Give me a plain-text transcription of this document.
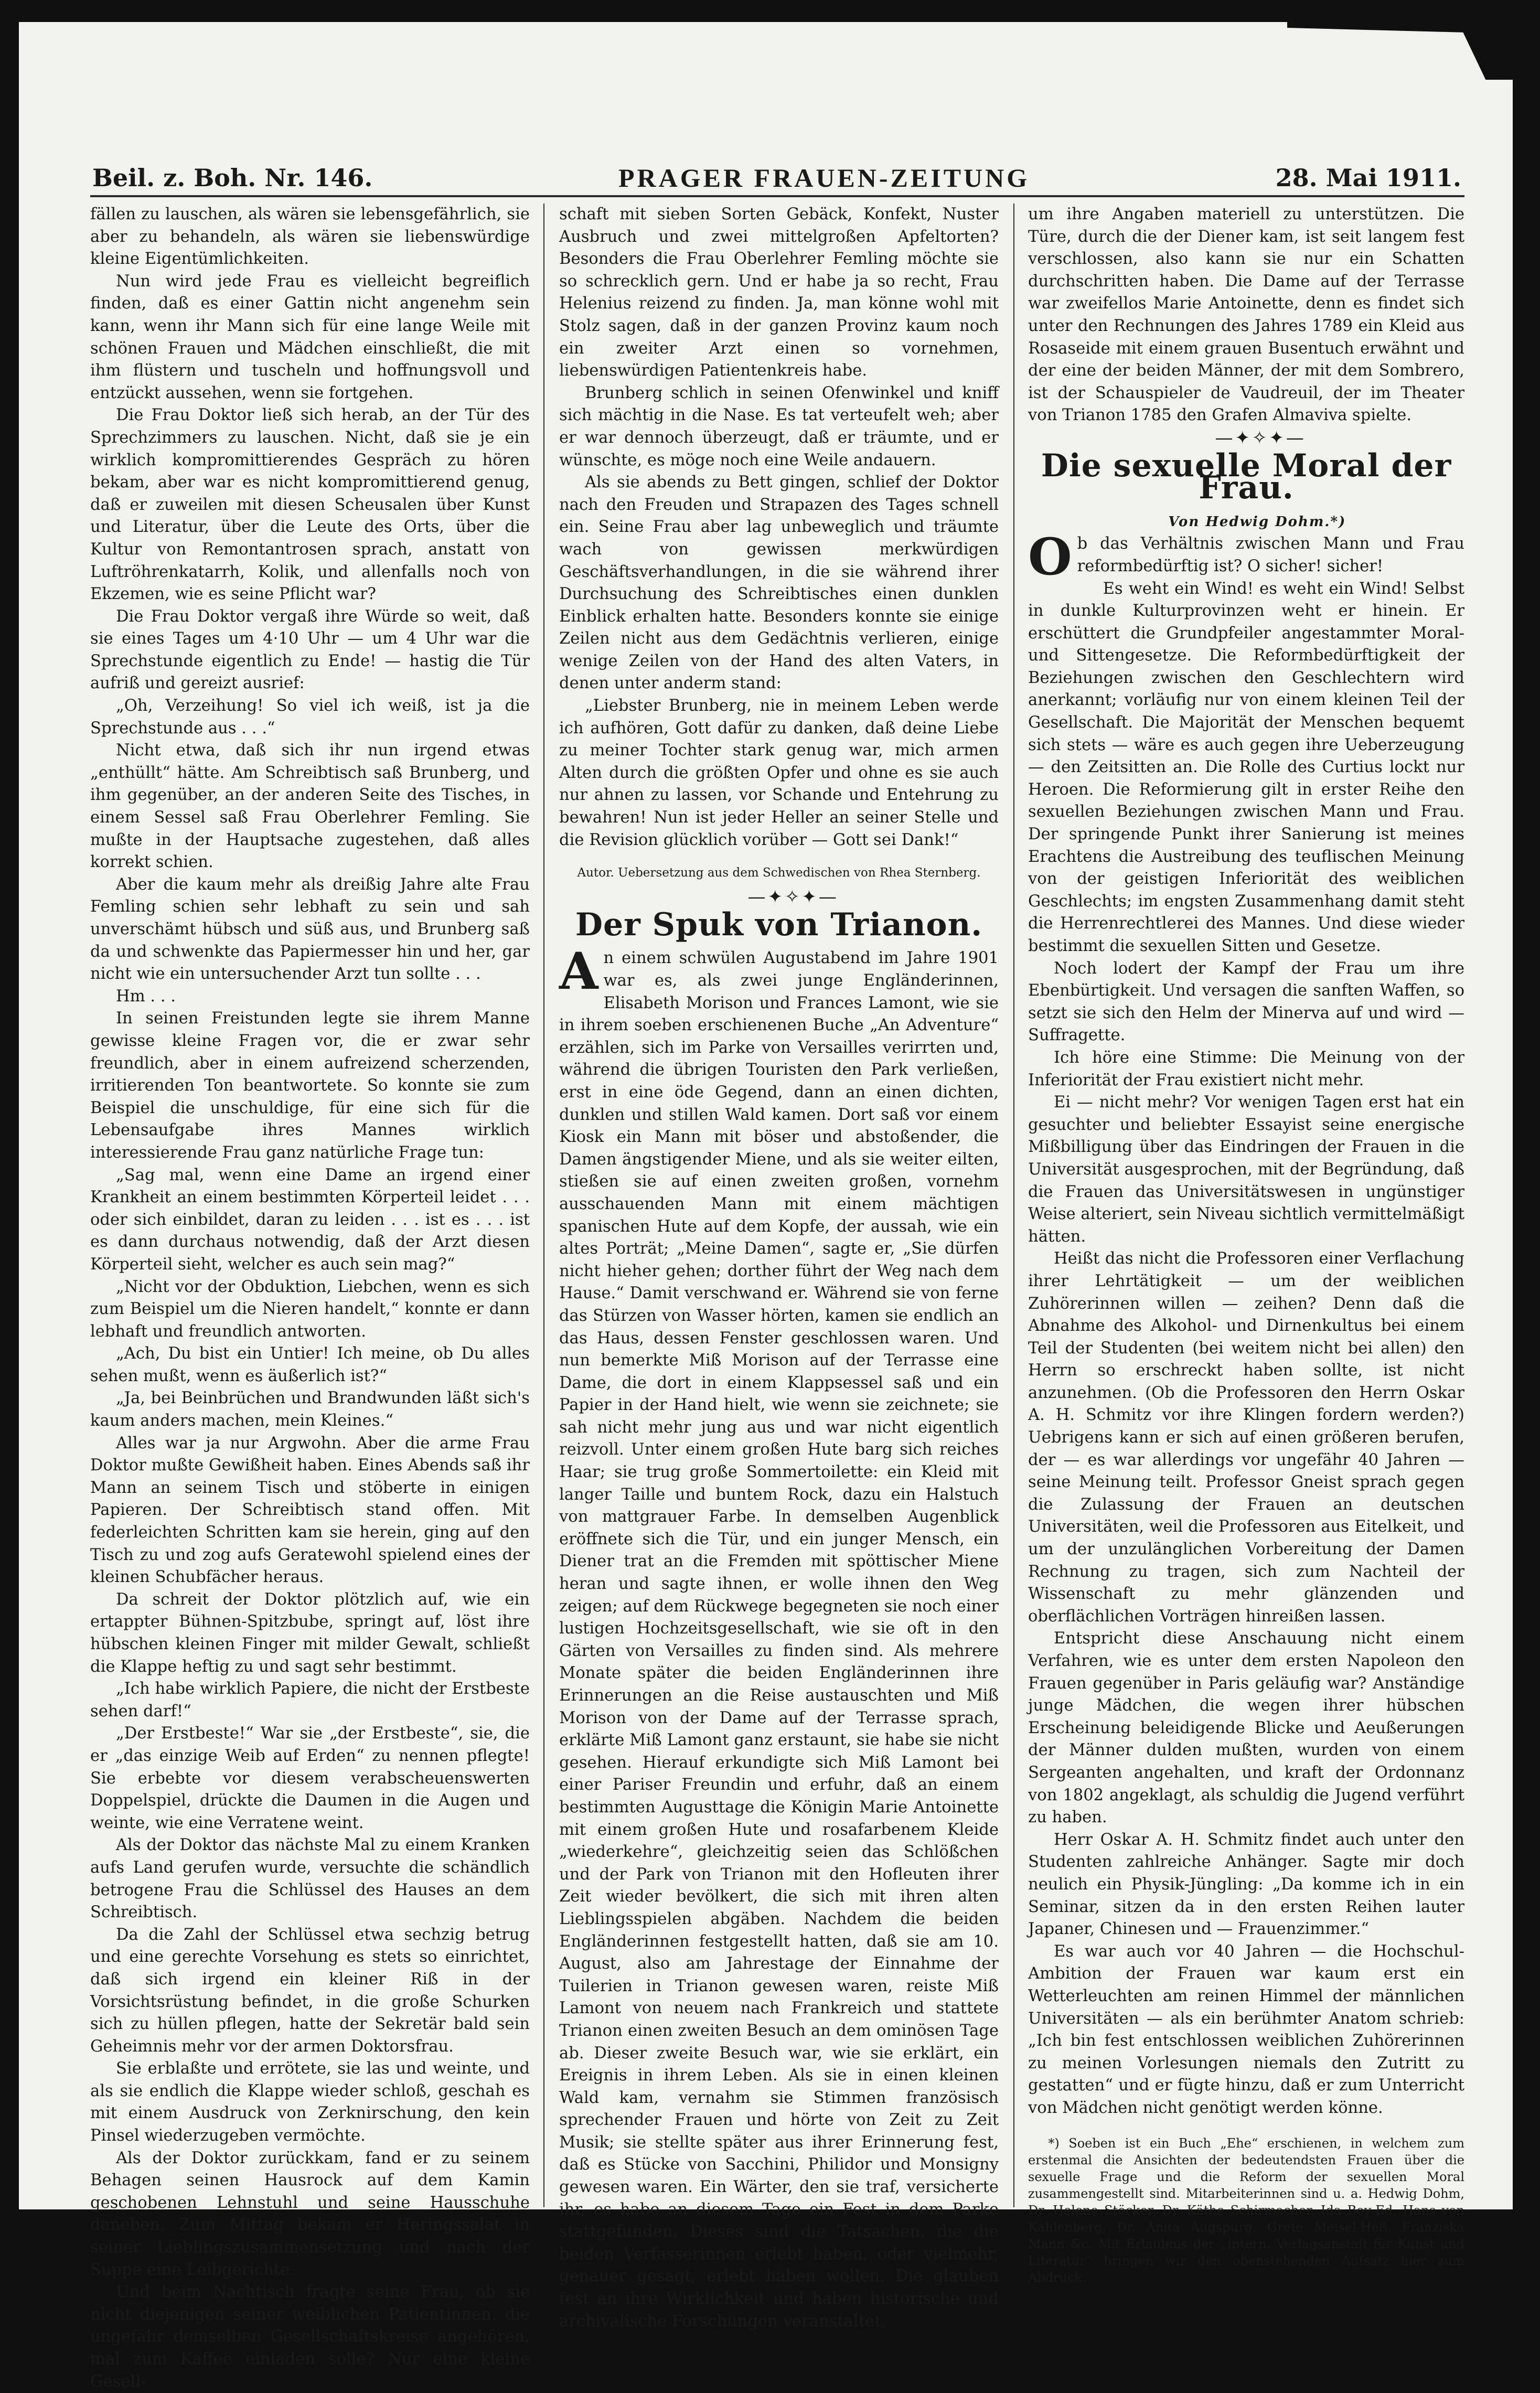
Beil. z. Boh. Nr. 146.	PRAGER FRAUEN-ZEITUNG	28. Mai 1911.

fällen zu lauschen, als wären sie lebensgefährlich, sie aber zu behandeln, als wären sie liebenswürdige kleine Eigentümlichkeiten.

Nun wird jede Frau es vielleicht begreiflich finden, daß es einer Gattin nicht angenehm sein kann, wenn ihr Mann sich für eine lange Weile mit schönen Frauen und Mädchen einschließt, die mit ihm flüstern und tuscheln und hoffnungsvoll und entzückt aussehen, wenn sie fortgehen.

Die Frau Doktor ließ sich herab, an der Tür des Sprechzimmers zu lauschen. Nicht, daß sie je ein wirklich kompromittierendes Gespräch zu hören bekam, aber war es nicht kompromittierend genug, daß er zuweilen mit diesen Scheusalen über Kunst und Literatur, über die Leute des Orts, über die Kultur von Remontantrosen sprach, anstatt von Luftröhrenkatarrh, Kolik, und allenfalls noch von Ekzemen, wie es seine Pflicht war?

Die Frau Doktor vergaß ihre Würde so weit, daß sie eines Tages um 4·10 Uhr — um 4 Uhr war die Sprechstunde eigentlich zu Ende! — hastig die Tür aufriß und gereizt ausrief:

„Oh, Verzeihung! So viel ich weiß, ist ja die Sprechstunde aus . . .“

Nicht etwa, daß sich ihr nun irgend etwas „enthüllt“ hätte. Am Schreibtisch saß Brunberg, und ihm gegenüber, an der anderen Seite des Tisches, in einem Sessel saß Frau Oberlehrer Femling. Sie mußte in der Hauptsache zugestehen, daß alles korrekt schien.

Aber die kaum mehr als dreißig Jahre alte Frau Femling schien sehr lebhaft zu sein und sah unverschämt hübsch und süß aus, und Brunberg saß da und schwenkte das Papiermesser hin und her, gar nicht wie ein untersuchender Arzt tun sollte . . .

Hm . . .

In seinen Freistunden legte sie ihrem Manne gewisse kleine Fragen vor, die er zwar sehr freundlich, aber in einem aufreizend scherzenden, irritierenden Ton beantwortete. So konnte sie zum Beispiel die unschuldige, für eine sich für die Lebensaufgabe ihres Mannes wirklich interessierende Frau ganz natürliche Frage tun:

„Sag mal, wenn eine Dame an irgend einer Krankheit an einem bestimmten Körperteil leidet . . . oder sich einbildet, daran zu leiden . . . ist es . . . ist es dann durchaus notwendig, daß der Arzt diesen Körperteil sieht, welcher es auch sein mag?“

„Nicht vor der Obduktion, Liebchen, wenn es sich zum Beispiel um die Nieren handelt,“ konnte er dann lebhaft und freundlich antworten.

„Ach, Du bist ein Untier! Ich meine, ob Du alles sehen mußt, wenn es äußerlich ist?“

„Ja, bei Beinbrüchen und Brandwunden läßt sich's kaum anders machen, mein Kleines.“

Alles war ja nur Argwohn. Aber die arme Frau Doktor mußte Gewißheit haben. Eines Abends saß ihr Mann an seinem Tisch und stöberte in einigen Papieren. Der Schreibtisch stand offen. Mit federleichten Schritten kam sie herein, ging auf den Tisch zu und zog aufs Geratewohl spielend eines der kleinen Schubfächer heraus.

Da schreit der Doktor plötzlich auf, wie ein ertappter Bühnen-Spitzbube, springt auf, löst ihre hübschen kleinen Finger mit milder Gewalt, schließt die Klappe heftig zu und sagt sehr bestimmt.

„Ich habe wirklich Papiere, die nicht der Erstbeste sehen darf!“

„Der Erstbeste!“ War sie „der Erstbeste“, sie, die er „das einzige Weib auf Erden“ zu nennen pflegte! Sie erbebte vor diesem verabscheuenswerten Doppelspiel, drückte die Daumen in die Augen und weinte, wie eine Verratene weint.

Als der Doktor das nächste Mal zu einem Kranken aufs Land gerufen wurde, versuchte die schändlich betrogene Frau die Schlüssel des Hauses an dem Schreibtisch.

Da die Zahl der Schlüssel etwa sechzig betrug und eine gerechte Vorsehung es stets so einrichtet, daß sich irgend ein kleiner Riß in der Vorsichtsrüstung befindet, in die große Schurken sich zu hüllen pflegen, hatte der Sekretär bald sein Geheimnis mehr vor der armen Doktorsfrau.

Sie erblaßte und errötete, sie las und weinte, und als sie endlich die Klappe wieder schloß, geschah es mit einem Ausdruck von Zerknirschung, den kein Pinsel wiederzugeben vermöchte.

Als der Doktor zurückkam, fand er zu seinem Behagen seinen Hausrock auf dem Kamin geschobenen Lehnstuhl und seine Hausschuhe daneben. Zum Mittag bekam er Heringssalat in seiner Lieblingszusammensetzung und nach der Suppe eine Leibgerichte.

Und beim Nachtisch fragte seine Frau, ob sie nicht diejenigen seiner weiblichen Patientinnen, die ungefähr demselben Gesellschaftskreise angehören, mal zum Kaffee einladen solle? Nur eine kleine Gesell-

schaft mit sieben Sorten Gebäck, Konfekt, Nuster Ausbruch und zwei mittelgroßen Apfeltorten? Besonders die Frau Oberlehrer Femling möchte sie so schrecklich gern. Und er habe ja so recht, Frau Helenius reizend zu finden. Ja, man könne wohl mit Stolz sagen, daß in der ganzen Provinz kaum noch ein zweiter Arzt einen so vornehmen, liebenswürdigen Patientenkreis habe.

Brunberg schlich in seinen Ofenwinkel und kniff sich mächtig in die Nase. Es tat verteufelt weh; aber er war dennoch überzeugt, daß er träumte, und er wünschte, es möge noch eine Weile andauern.

Als sie abends zu Bett gingen, schlief der Doktor nach den Freuden und Strapazen des Tages schnell ein. Seine Frau aber lag unbeweglich und träumte wach von gewissen merkwürdigen Geschäftsverhandlungen, in die sie während ihrer Durchsuchung des Schreibtisches einen dunklen Einblick erhalten hatte. Besonders konnte sie einige Zeilen nicht aus dem Gedächtnis verlieren, einige wenige Zeilen von der Hand des alten Vaters, in denen unter anderm stand:

„Liebster Brunberg, nie in meinem Leben werde ich aufhören, Gott dafür zu danken, daß deine Liebe zu meiner Tochter stark genug war, mich armen Alten durch die größten Opfer und ohne es sie auch nur ahnen zu lassen, vor Schande und Entehrung zu bewahren! Nun ist jeder Heller an seiner Stelle und die Revision glücklich vorüber — Gott sei Dank!“

Autor. Uebersetzung aus dem Schwedischen von Rhea Sternberg.

—✦✧✦—

Der Spuk von Trianon.

An einem schwülen Augustabend im Jahre 1901 war es, als zwei junge Engländerinnen, Elisabeth Morison und Frances Lamont, wie sie in ihrem soeben erschienenen Buche „An Adventure“ erzählen, sich im Parke von Versailles verirrten und, während die übrigen Touristen den Park verließen, erst in eine öde Gegend, dann an einen dichten, dunklen und stillen Wald kamen. Dort saß vor einem Kiosk ein Mann mit böser und abstoßender, die Damen ängstigender Miene, und als sie weiter eilten, stießen sie auf einen zweiten großen, vornehm ausschauenden Mann mit einem mächtigen spanischen Hute auf dem Kopfe, der aussah, wie ein altes Porträt; „Meine Damen“, sagte er, „Sie dürfen nicht hieher gehen; dorther führt der Weg nach dem Hause.“ Damit verschwand er. Während sie von ferne das Stürzen von Wasser hörten, kamen sie endlich an das Haus, dessen Fenster geschlossen waren. Und nun bemerkte Miß Morison auf der Terrasse eine Dame, die dort in einem Klappsessel saß und ein Papier in der Hand hielt, wie wenn sie zeichnete; sie sah nicht mehr jung aus und war nicht eigentlich reizvoll. Unter einem großen Hute barg sich reiches Haar; sie trug große Sommertoilette: ein Kleid mit langer Taille und buntem Rock, dazu ein Halstuch von mattgrauer Farbe. In demselben Augenblick eröffnete sich die Tür, und ein junger Mensch, ein Diener trat an die Fremden mit spöttischer Miene heran und sagte ihnen, er wolle ihnen den Weg zeigen; auf dem Rückwege begegneten sie noch einer lustigen Hochzeitsgesellschaft, wie sie oft in den Gärten von Versailles zu finden sind. Als mehrere Monate später die beiden Engländerinnen ihre Erinnerungen an die Reise austauschten und Miß Morison von der Dame auf der Terrasse sprach, erklärte Miß Lamont ganz erstaunt, sie habe sie nicht gesehen. Hierauf erkundigte sich Miß Lamont bei einer Pariser Freundin und erfuhr, daß an einem bestimmten Augusttage die Königin Marie Antoinette mit einem großen Hute und rosafarbenem Kleide „wiederkehre“, gleichzeitig seien das Schlößchen und der Park von Trianon mit den Hofleuten ihrer Zeit wieder bevölkert, die sich mit ihren alten Lieblingsspielen abgäben. Nachdem die beiden Engländerinnen festgestellt hatten, daß sie am 10. August, also am Jahrestage der Einnahme der Tuilerien in Trianon gewesen waren, reiste Miß Lamont von neuem nach Frankreich und stattete Trianon einen zweiten Besuch an dem ominösen Tage ab. Dieser zweite Besuch war, wie sie erklärt, ein Ereignis in ihrem Leben. Als sie in einen kleinen Wald kam, vernahm sie Stimmen französisch sprechender Frauen und hörte von Zeit zu Zeit Musik; sie stellte später aus ihrer Erinnerung fest, daß es Stücke von Sacchini, Philidor und Monsigny gewesen waren. Ein Wärter, den sie traf, versicherte ihr, es habe an diesem Tage ein Fest in dem Parke stattgefunden. Dieses sind die Tatsachen, die die beiden Verfasserinnen erlebt haben, oder vielmehr, genauer gesagt, erlebt haben wollen. Die glauben fest an ihre Wirklichkeit und haben historische und archivalische Forschungen veranstaltet,

um ihre Angaben materiell zu unterstützen. Die Türe, durch die der Diener kam, ist seit langem fest verschlossen, also kann sie nur ein Schatten durchschritten haben. Die Dame auf der Terrasse war zweifellos Marie Antoinette, denn es findet sich unter den Rechnungen des Jahres 1789 ein Kleid aus Rosaseide mit einem grauen Busentuch erwähnt und der eine der beiden Männer, der mit dem Sombrero, ist der Schauspieler de Vaudreuil, der im Theater von Trianon 1785 den Grafen Almaviva spielte.

—✦✧✦—

Die sexuelle Moral der Frau.

Von Hedwig Dohm.*)

Ob das Verhältnis zwischen Mann und Frau reformbedürftig ist? O sicher! sicher!

Es weht ein Wind! es weht ein Wind! Selbst in dunkle Kulturprovinzen weht er hinein. Er erschüttert die Grundpfeiler angestammter Moral- und Sittengesetze. Die Reformbedürftigkeit der Beziehungen zwischen den Geschlechtern wird anerkannt; vorläufig nur von einem kleinen Teil der Gesellschaft. Die Majorität der Menschen bequemt sich stets — wäre es auch gegen ihre Ueberzeugung — den Zeitsitten an. Die Rolle des Curtius lockt nur Heroen. Die Reformierung gilt in erster Reihe den sexuellen Beziehungen zwischen Mann und Frau. Der springende Punkt ihrer Sanierung ist meines Erachtens die Austreibung des teuflischen Meinung von der geistigen Inferiorität des weiblichen Geschlechts; im engsten Zusammenhang damit steht die Herrenrechtlerei des Mannes. Und diese wieder bestimmt die sexuellen Sitten und Gesetze.

Noch lodert der Kampf der Frau um ihre Ebenbürtigkeit. Und versagen die sanften Waffen, so setzt sie sich den Helm der Minerva auf und wird — Suffragette.

Ich höre eine Stimme: Die Meinung von der Inferiorität der Frau existiert nicht mehr.

Ei — nicht mehr? Vor wenigen Tagen erst hat ein gesuchter und beliebter Essayist seine energische Mißbilligung über das Eindringen der Frauen in die Universität ausgesprochen, mit der Begründung, daß die Frauen das Universitätswesen in ungünstiger Weise alteriert, sein Niveau sichtlich vermittelmäßigt hätten.

Heißt das nicht die Professoren einer Verflachung ihrer Lehrtätigkeit — um der weiblichen Zuhörerinnen willen — zeihen? Denn daß die Abnahme des Alkohol- und Dirnenkultus bei einem Teil der Studenten (bei weitem nicht bei allen) den Herrn so erschreckt haben sollte, ist nicht anzunehmen. (Ob die Professoren den Herrn Oskar A. H. Schmitz vor ihre Klingen fordern werden?) Uebrigens kann er sich auf einen größeren berufen, der — es war allerdings vor ungefähr 40 Jahren — seine Meinung teilt. Professor Gneist sprach gegen die Zulassung der Frauen an deutschen Universitäten, weil die Professoren aus Eitelkeit, und um der unzulänglichen Vorbereitung der Damen Rechnung zu tragen, sich zum Nachteil der Wissenschaft zu mehr glänzenden und oberflächlichen Vorträgen hinreißen lassen.

Entspricht diese Anschauung nicht einem Verfahren, wie es unter dem ersten Napoleon den Frauen gegenüber in Paris geläufig war? Anständige junge Mädchen, die wegen ihrer hübschen Erscheinung beleidigende Blicke und Aeußerungen der Männer dulden mußten, wurden von einem Sergeanten angehalten, und kraft der Ordonnanz von 1802 angeklagt, als schuldig die Jugend verführt zu haben.

Herr Oskar A. H. Schmitz findet auch unter den Studenten zahlreiche Anhänger. Sagte mir doch neulich ein Physik-Jüngling: „Da komme ich in ein Seminar, sitzen da in den ersten Reihen lauter Japaner, Chinesen und — Frauenzimmer.“

Es war auch vor 40 Jahren — die Hochschul-Ambition der Frauen war kaum erst ein Wetterleuchten am reinen Himmel der männlichen Universitäten — als ein berühmter Anatom schrieb: „Ich bin fest entschlossen weiblichen Zuhörerinnen zu meinen Vorlesungen niemals den Zutritt zu gestatten“ und er fügte hinzu, daß er zum Unterricht von Mädchen nicht genötigt werden könne.

*) Soeben ist ein Buch „Ehe“ erschienen, in welchem zum erstenmal die Ansichten der bedeutendsten Frauen über die sexuelle Frage und die Reform der sexuellen Moral zusammengestellt sind. Mitarbeiterinnen sind u. a. Hedwig Dohm, Dr. Helene Stöcker, Dr. Käthe Schirmacher, Ida Boy-Ed, Hans von Kahlenberg, Dr. Anita Augspurg, Grete Meisel-Heß, Franziska Mann &c. Mit Erlaubnis der „Intern. Verlagsanstalt für Kunst und Literatur“ bringen wir den obenstehenden Aufsatz hier zum Abdruck.
